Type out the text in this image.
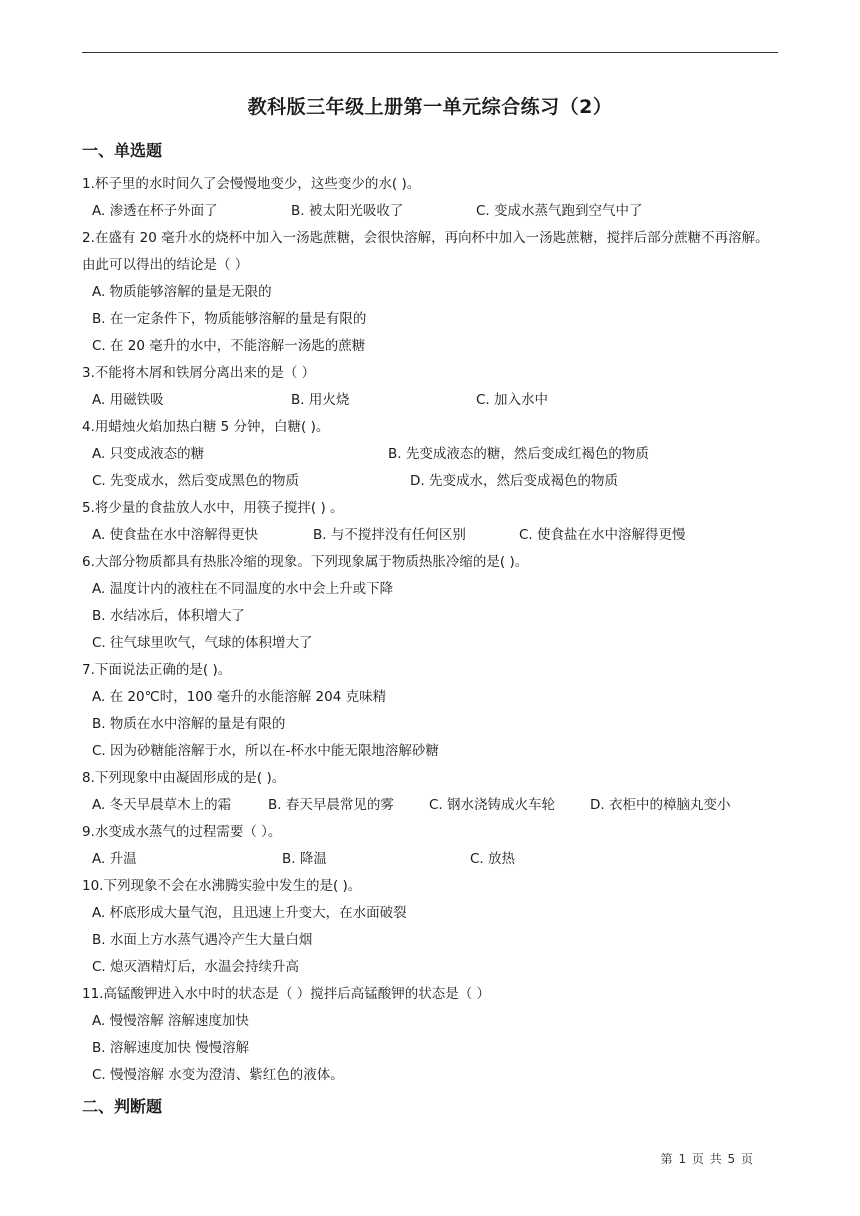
教科版三年级上册第一单元综合练习（2）
一、单选题
1.杯子里的水时间久了会慢慢地变少，这些变少的水( )。
A. 渗透在杯子外面了	B. 被太阳光吸收了	C. 变成水蒸气跑到空气中了
2.在盛有 20 毫升水的烧杯中加入一汤匙蔗糖，会很快溶解，再向杯中加入一汤匙蔗糖，搅拌后部分蔗糖不再溶解。由此可以得出的结论是（ ）
A. 物质能够溶解的量是无限的
B. 在一定条件下，物质能够溶解的量是有限的
C. 在 20 毫升的水中，不能溶解一汤匙的蔗糖
3.不能将木屑和铁屑分离出来的是（ ）
A. 用磁铁吸	B. 用火烧	C. 加入水中
4.用蜡烛火焰加热白糖 5 分钟，白糖( )。
A. 只变成液态的糖	B. 先变成液态的糖，然后变成红褐色的物质
C. 先变成水，然后变成黑色的物质	D. 先变成水，然后变成褐色的物质
5.将少量的食盐放人水中，用筷子搅拌( ) 。
A. 使食盐在水中溶解得更快	B. 与不搅拌没有任何区别	C. 使食盐在水中溶解得更慢
6.大部分物质都具有热胀冷缩的现象。下列现象属于物质热胀冷缩的是( )。
A. 温度计内的液柱在不同温度的水中会上升或下降
B. 水结冰后，体积增大了
C. 往气球里吹气，气球的体积增大了
7.下面说法正确的是( )。
A. 在 20℃时，100 毫升的水能溶解 204 克味精
B. 物质在水中溶解的量是有限的
C. 因为砂糖能溶解于水，所以在-杯水中能无限地溶解砂糖
8.下列现象中由凝固形成的是( )。
A. 冬天早晨草木上的霜	B. 春天早晨常见的雾	C. 钢水浇铸成火车轮	D. 衣柜中的樟脑丸变小
9.水变成水蒸气的过程需要（ ）。
A. 升温	B. 降温	C. 放热
10.下列现象不会在水沸腾实验中发生的是( )。
A. 杯底形成大量气泡，且迅速上升变大，在水面破裂
B. 水面上方水蒸气遇冷产生大量白烟
C. 熄灭酒精灯后，水温会持续升高
11.高锰酸钾进入水中时的状态是（ ）搅拌后高锰酸钾的状态是（ ）
A. 慢慢溶解 溶解速度加快
B. 溶解速度加快 慢慢溶解
C. 慢慢溶解 水变为澄清、紫红色的液体。
二、判断题
第 1 页 共 5 页
